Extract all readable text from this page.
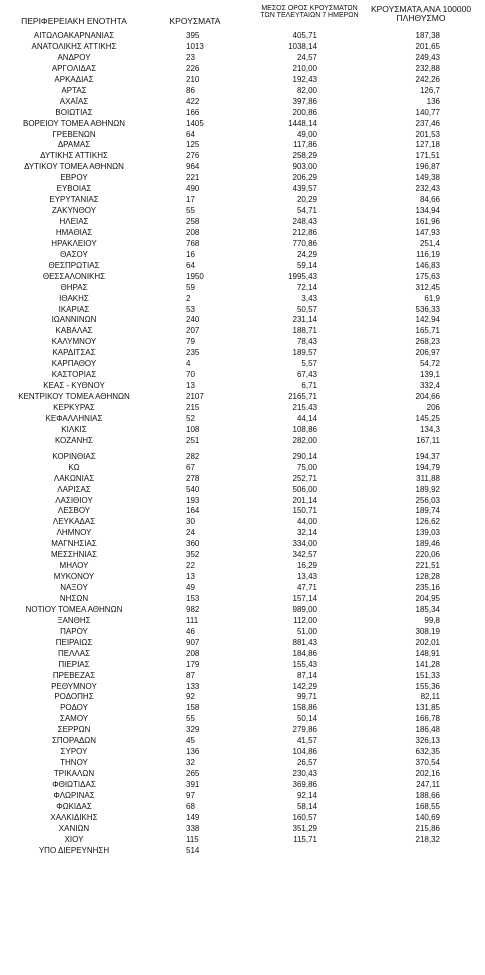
ΠΕΡΙΦΕΡΕΙΑΚΗ ΕΝΟΤΗΤΑ	ΚΡΟΥΣΜΑΤΑ
ΜΕΣΟΣ ΟΡΟΣ ΚΡΟΥΣΜΑΤΩΝ
ΤΩΝ ΤΕΛΕΥΤΑΙΩΝ 7 ΗΜΕΡΩΝ
ΚΡΟΥΣΜΑΤΑ ΑΝΑ 100000
ΠΛΗΘΥΣΜΟ
ΑΙΤΩΛΟΑΚΑΡΝΑΝΙΑΣ	395	405,71	187,38
ΑΝΑΤΟΛΙΚΗΣ ΑΤΤΙΚΗΣ	1013	1038,14	201,65
ΑΝΔΡΟΥ	23	24,57	249,43
ΑΡΓΟΛΙΔΑΣ	226	210,00	232,88
ΑΡΚΑΔΙΑΣ	210	192,43	242,26
ΑΡΤΑΣ	86	82,00	126,7
ΑΧΑΪΑΣ	422	397,86	136
ΒΟΙΩΤΙΑΣ	166	200,86	140,77
ΒΟΡΕΙΟΥ ΤΟΜΕΑ ΑΘΗΝΩΝ	1405	1448,14	237,46
ΓΡΕΒΕΝΩΝ	64	49,00	201,53
ΔΡΑΜΑΣ	125	117,86	127,18
ΔΥΤΙΚΗΣ ΑΤΤΙΚΗΣ	276	258,29	171,51
ΔΥΤΙΚΟΥ ΤΟΜΕΑ ΑΘΗΝΩΝ	964	903,00	196,87
ΕΒΡΟΥ	221	206,29	149,38
ΕΥΒΟΙΑΣ	490	439,57	232,43
ΕΥΡΥΤΑΝΙΑΣ	17	20,29	84,66
ΖΑΚΥΝΘΟΥ	55	54,71	134,94
ΗΛΕΙΑΣ	258	248,43	161,96
ΗΜΑΘΙΑΣ	208	212,86	147,93
ΗΡΑΚΛΕΙΟΥ	768	770,86	251,4
ΘΑΣΟΥ	16	24,29	116,19
ΘΕΣΠΡΩΤΙΑΣ	64	59,14	146,83
ΘΕΣΣΑΛΟΝΙΚΗΣ	1950	1995,43	175,63
ΘΗΡΑΣ	59	72,14	312,45
ΙΘΑΚΗΣ	2	3,43	61,9
ΙΚΑΡΙΑΣ	53	50,57	536,33
ΙΩΑΝΝΙΝΩΝ	240	231,14	142,94
ΚΑΒΑΛΑΣ	207	188,71	165,71
ΚΑΛΥΜΝΟΥ	79	78,43	268,23
ΚΑΡΔΙΤΣΑΣ	235	189,57	206,97
ΚΑΡΠΑΘΟΥ	4	5,57	54,72
ΚΑΣΤΟΡΙΑΣ	70	67,43	139,1
ΚΕΑΣ - ΚΥΘΝΟΥ	13	6,71	332,4
ΚΕΝΤΡΙΚΟΥ ΤΟΜΕΑ ΑΘΗΝΩΝ	2107	2165,71	204,66
ΚΕΡΚΥΡΑΣ	215	215,43	206
ΚΕΦΑΛΛΗΝΙΑΣ	52	44,14	145,25
ΚΙΛΚΙΣ	108	108,86	134,3
ΚΟΖΑΝΗΣ	251	282,00	167,11
ΚΟΡΙΝΘΙΑΣ	282	290,14	194,37
ΚΩ	67	75,00	194,79
ΛΑΚΩΝΙΑΣ	278	252,71	311,88
ΛΑΡΙΣΑΣ	540	506,00	189,92
ΛΑΣΙΘΙΟΥ	193	201,14	256,03
ΛΕΣΒΟΥ	164	150,71	189,74
ΛΕΥΚΑΔΑΣ	30	44,00	126,62
ΛΗΜΝΟΥ	24	32,14	139,03
ΜΑΓΝΗΣΙΑΣ	360	334,00	189,46
ΜΕΣΣΗΝΙΑΣ	352	342,57	220,06
ΜΗΛΟΥ	22	16,29	221,51
ΜΥΚΟΝΟΥ	13	13,43	128,28
ΝΑΞΟΥ	49	47,71	235,16
ΝΗΣΩΝ	153	157,14	204,95
ΝΟΤΙΟΥ ΤΟΜΕΑ ΑΘΗΝΩΝ	982	989,00	185,34
ΞΑΝΘΗΣ	111	112,00	99,8
ΠΑΡΟΥ	46	51,00	308,19
ΠΕΙΡΑΙΩΣ	907	881,43	202,01
ΠΕΛΛΑΣ	208	184,86	148,91
ΠΙΕΡΙΑΣ	179	155,43	141,28
ΠΡΕΒΕΖΑΣ	87	87,14	151,33
ΡΕΘΥΜΝΟΥ	133	142,29	155,36
ΡΟΔΟΠΗΣ	92	99,71	82,11
ΡΟΔΟΥ	158	158,86	131,85
ΣΑΜΟΥ	55	50,14	166,78
ΣΕΡΡΩΝ	329	279,86	186,48
ΣΠΟΡΑΔΩΝ	45	41,57	326,13
ΣΥΡΟΥ	136	104,86	632,35
ΤΗΝΟΥ	32	26,57	370,54
ΤΡΙΚΑΛΩΝ	265	230,43	202,16
ΦΘΙΩΤΙΔΑΣ	391	369,86	247,11
ΦΛΩΡΙΝΑΣ	97	92,14	188,66
ΦΩΚΙΔΑΣ	68	58,14	168,55
ΧΑΛΚΙΔΙΚΗΣ	149	160,57	140,69
ΧΑΝΙΩΝ	338	351,29	215,86
ΧΙΟΥ	115	115,71	218,32
ΥΠΟ ΔΙΕΡΕΥΝΗΣΗ	514
